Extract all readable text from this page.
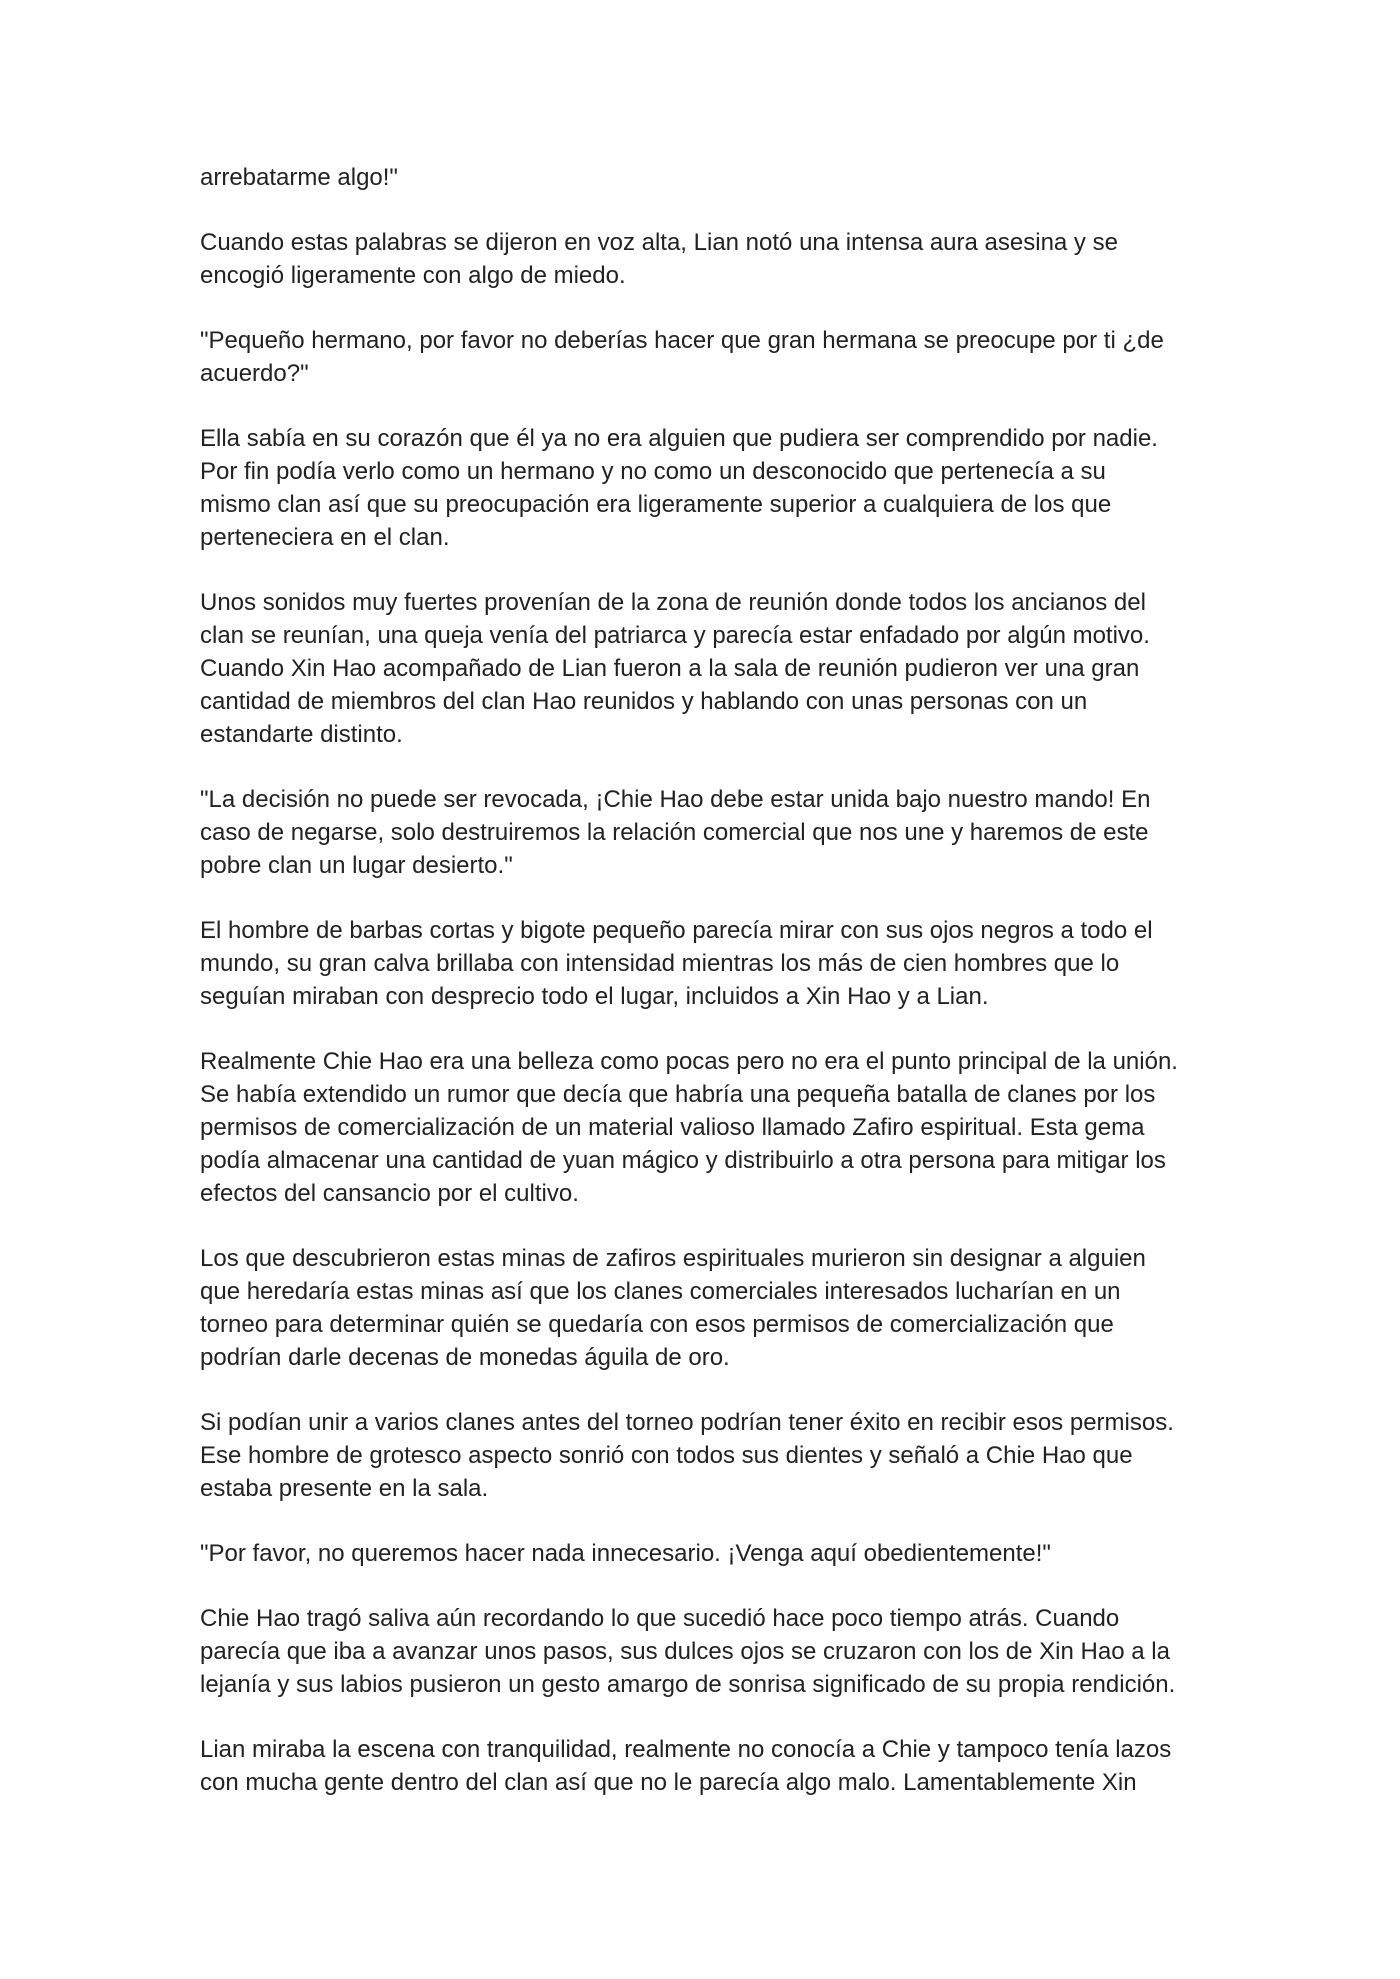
arrebatarme algo!"

Cuando estas palabras se dijeron en voz alta, Lian notó una intensa aura asesina y se
encogió ligeramente con algo de miedo.

"Pequeño hermano, por favor no deberías hacer que gran hermana se preocupe por ti ¿de
acuerdo?"

Ella sabía en su corazón que él ya no era alguien que pudiera ser comprendido por nadie.
Por fin podía verlo como un hermano y no como un desconocido que pertenecía a su
mismo clan así que su preocupación era ligeramente superior a cualquiera de los que
perteneciera en el clan.

Unos sonidos muy fuertes provenían de la zona de reunión donde todos los ancianos del
clan se reunían, una queja venía del patriarca y parecía estar enfadado por algún motivo.
Cuando Xin Hao acompañado de Lian fueron a la sala de reunión pudieron ver una gran
cantidad de miembros del clan Hao reunidos y hablando con unas personas con un
estandarte distinto.

"La decisión no puede ser revocada, ¡Chie Hao debe estar unida bajo nuestro mando! En
caso de negarse, solo destruiremos la relación comercial que nos une y haremos de este
pobre clan un lugar desierto."

El hombre de barbas cortas y bigote pequeño parecía mirar con sus ojos negros a todo el
mundo, su gran calva brillaba con intensidad mientras los más de cien hombres que lo
seguían miraban con desprecio todo el lugar, incluidos a Xin Hao y a Lian.

Realmente Chie Hao era una belleza como pocas pero no era el punto principal de la unión.
Se había extendido un rumor que decía que habría una pequeña batalla de clanes por los
permisos de comercialización de un material valioso llamado Zafiro espiritual. Esta gema
podía almacenar una cantidad de yuan mágico y distribuirlo a otra persona para mitigar los
efectos del cansancio por el cultivo.

Los que descubrieron estas minas de zafiros espirituales murieron sin designar a alguien
que heredaría estas minas así que los clanes comerciales interesados lucharían en un
torneo para determinar quién se quedaría con esos permisos de comercialización que
podrían darle decenas de monedas águila de oro.

Si podían unir a varios clanes antes del torneo podrían tener éxito en recibir esos permisos.
Ese hombre de grotesco aspecto sonrió con todos sus dientes y señaló a Chie Hao que
estaba presente en la sala.

"Por favor, no queremos hacer nada innecesario. ¡Venga aquí obedientemente!"

Chie Hao tragó saliva aún recordando lo que sucedió hace poco tiempo atrás. Cuando
parecía que iba a avanzar unos pasos, sus dulces ojos se cruzaron con los de Xin Hao a la
lejanía y sus labios pusieron un gesto amargo de sonrisa significado de su propia rendición.

Lian miraba la escena con tranquilidad, realmente no conocía a Chie y tampoco tenía lazos
con mucha gente dentro del clan así que no le parecía algo malo. Lamentablemente Xin
